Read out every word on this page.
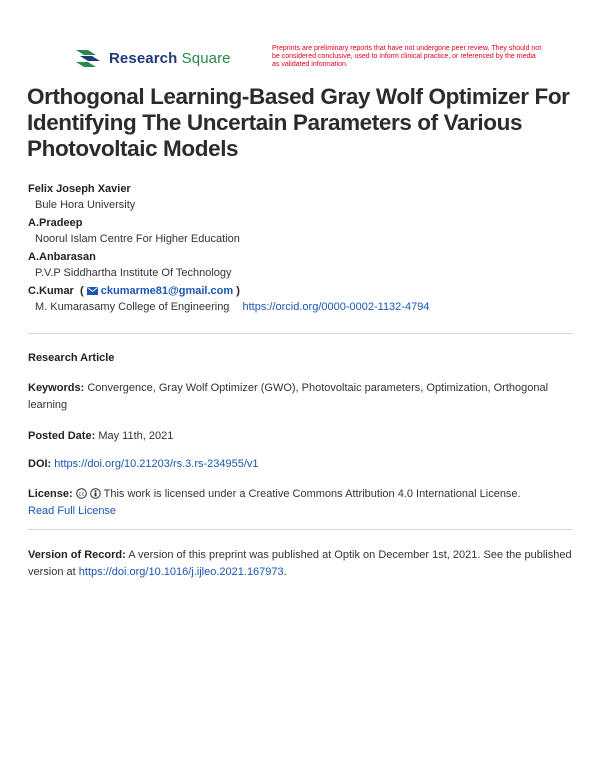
Research Square
Preprints are preliminary reports that have not undergone peer review. They should not be considered conclusive, used to inform clinical practice, or referenced by the media as validated information.
Orthogonal Learning-Based Gray Wolf Optimizer For Identifying The Uncertain Parameters of Various Photovoltaic Models
Felix Joseph Xavier
Bule Hora University
A.Pradeep
Noorul Islam Centre For Higher Education
A.Anbarasan
P.V.P Siddhartha Institute Of Technology
C.Kumar  (  ckumarme81@gmail.com )
M. Kumarasamy College of Engineering https://orcid.org/0000-0002-1132-4794
Research Article
Keywords: Convergence, Gray Wolf Optimizer (GWO), Photovoltaic parameters, Optimization, Orthogonal learning
Posted Date: May 11th, 2021
DOI: https://doi.org/10.21203/rs.3.rs-234955/v1
License: cc This work is licensed under a Creative Commons Attribution 4.0 International License.
Read Full License
Version of Record: A version of this preprint was published at Optik on December 1st, 2021. See the published version at https://doi.org/10.1016/j.ijleo.2021.167973.
